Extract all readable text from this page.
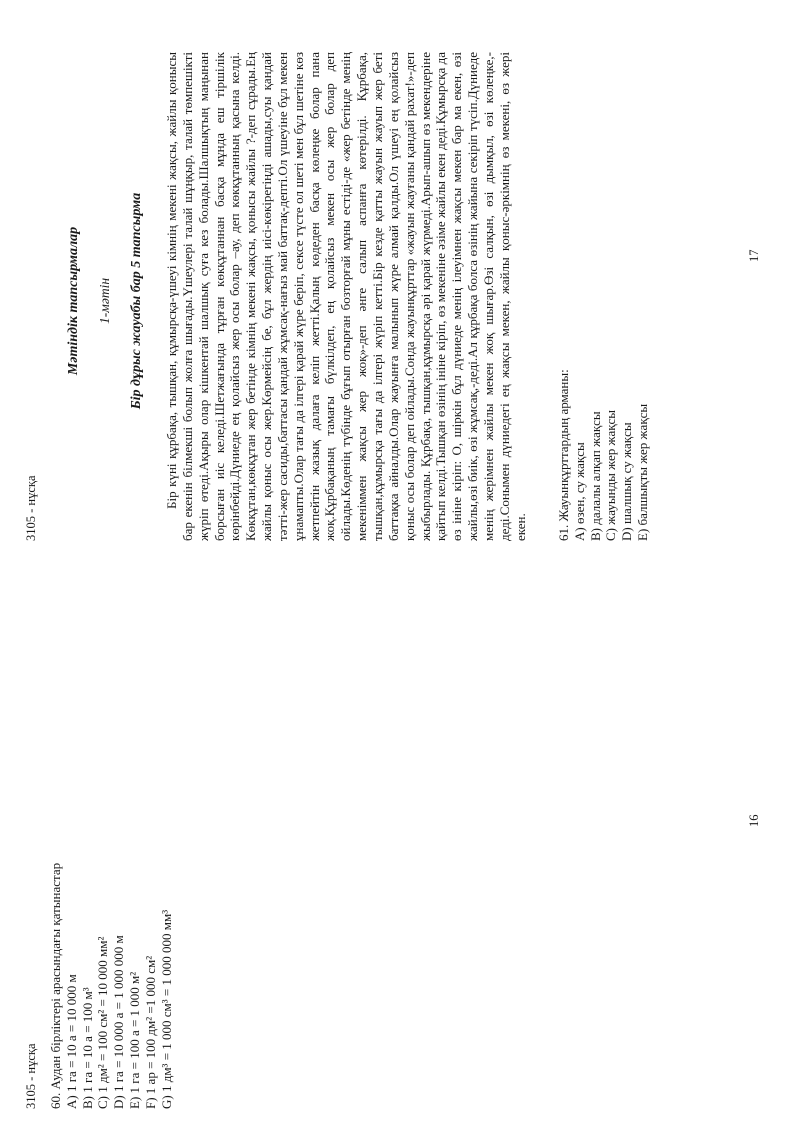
3105 - нұсқа 60. Аудан бірліктері арасындағы қатынастар A) 1 га = 10 а = 10 000 м B) 1 га = 10 а = 100 м³ C) 1 дм² = 100 см² = 10 000 мм² D) 1 га = 10 000 а = 1 000 000 м E) 1 га = 100 а = 1 000 м² F) 1 ар = 100 дм² =1 000 см² G) 1 дм³ = 1 000 см³ = 1 000 000 мм³
16
3105 - нұсқа
Мәтіндік тапсырмалар 1-мәтін Бір дұрыс жауабы бар 5 тапсырма Бір күні құрбақа, тышқан, құмырсқа-үшеуі кімнің мекені жақсы, жайлы қонысы бар екенін білмекші болып жолға шығады.Үшеулері талай шұңқыр, талай төмпешікті жүріп өтеді.Ақыры олар кішкентай шалшық суға кез болады.Шалшықтың маңынан борсыған иіс келеді.Шетжағында тұрған көкқұтаннан басқа мұнда еш тіршілік көрінбейді.Дүниеде ең қолайсыз жер осы болар –ау, деп көкқұтанның қасына келді. Көкқұтан,көкқұтан жер бетінде кімнің мекені жақсы, қонысы жайлы ?-деп сұрады.Ең жайлы қоныс осы жер.Көрмейсің бе, бұл жердің иісі-көкірегіңді ашады,суы қандай тәтті-жер сасиды,баттасы қандай жұмсақ-нағыз май баттақ-депті.Ол үшеуіне бұл мекен ұнамапты.Олар тағы да ілгері қарай жүре беріп, сексе түсте ол шеті мен бұл шетіне көз жетпейтін жазық далаға келіп жетті.Қалың көдеден басқа көлеңке болар пана жоқ.Құрбақаның тамағы бүлкілдеп, ең қолайсыз мекен осы жер болар деп ойлады.Көденің түбінде бұғып отырған бозторғай мұны естіді-де «жер бетінде менің мекеніммен жақсы жер жоқ»-деп әнге салып аспанға көтерілді. Құрбақа, тышқан,құмырсқа тағы да ілгері жүріп кетті.Бір кезде қатты жауын жауып жер беті баттақка айналды.Олар жауынға малынып жүре алмай қалды.Ол үшеуі ең қолайсыз қоныс осы болар деп ойлады.Сонда жауынқұрттар «жауын жауғаны қандай рахат!»-деп жыбырлады. Құрбақа, тышқан,құмырсқа әрі қарай жүрмеді.Арып-ашып өз мекендеріне қайтып келді.Тышқан өзінің ініне кіріп, өз мекеніне әзіме жайлы екен деді.Құмырсқа да өз ініне кіріп: О, шіркін бұл дүниеде менің ілеуімнен жақсы мекен бар ма екен, өзі жайлы,өзі биік, өзі жұмсақ,-деді.Ал құрбақа болса өзінің жайына секіріп түсіп.Дүниеде менің жерімнен жайлы мекен жоқ шығар.Өзі салқын, өзі дымқыл, өзі көлеңке,-деді.Сонымен дүниедегі ең жақсы мекен, жайлы қоныс-әркімнің өз мекені, өз жері екен. 61. Жауынқұрттардың арманы: A) өзен, су жақсы B) далалы алқап жақсы C) жауынды жер жақсы D) шалшық су жақсы E) балшықты жер жақсы
17
